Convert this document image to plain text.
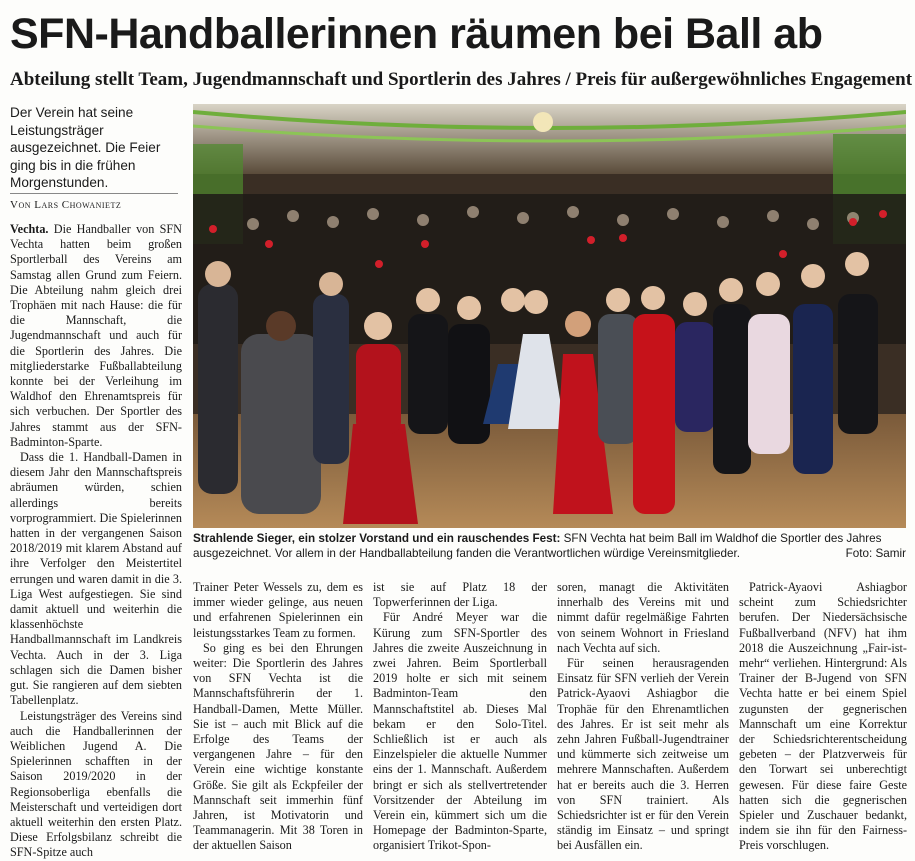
SFN-Handballerinnen räumen bei Ball ab
Abteilung stellt Team, Jugendmannschaft und Sportlerin des Jahres / Preis für außergewöhnliches Engagement

Der Verein hat seine Leistungsträger ausgezeichnet. Die Feier ging bis in die frühen Morgenstunden.

Von Lars Chowanietz

Vechta. Die Handballer von SFN Vechta hatten beim großen Sportlerball des Vereins am Samstag allen Grund zum Feiern. Die Abteilung nahm gleich drei Trophäen mit nach Hause: die für die Mannschaft, die Jugendmannschaft und auch für die Sportlerin des Jahres. Die mitgliederstarke Fußballabteilung konnte bei der Verleihung im Waldhof den Ehrenamtspreis für sich verbuchen. Der Sportler des Jahres stammt aus der SFN-Badminton-Sparte.

Dass die 1. Handball-Damen in diesem Jahr den Mannschaftspreis abräumen würden, schien allerdings bereits vorprogrammiert. Die Spielerinnen hatten in der vergangenen Saison 2018/2019 mit klarem Abstand auf ihre Verfolger den Meistertitel errungen und waren damit in die 3. Liga West aufgestiegen. Sie sind damit aktuell und weiterhin die klassenhöchste Handballmannschaft im Landkreis Vechta. Auch in der 3. Liga schlagen sich die Damen bisher gut. Sie rangieren auf dem siebten Tabellenplatz.

Leistungsträger des Vereins sind auch die Handballerinnen der Weiblichen Jugend A. Die Spielerinnen schafften in der Saison 2019/2020 in der Regionsoberliga ebenfalls die Meisterschaft und verteidigen dort aktuell weiterhin den ersten Platz. Diese Erfolgsbilanz schreibt die SFN-Spitze auch

Strahlende Sieger, ein stolzer Vorstand und ein rauschendes Fest: SFN Vechta hat beim Ball im Waldhof die Sportler des Jahres ausgezeichnet. Vor allem in der Handballabteilung fanden die Verantwortlichen würdige Vereinsmitglieder.	Foto: Samir

Trainer Peter Wessels zu, dem es immer wieder gelinge, aus neuen und erfahrenen Spielerinnen ein leistungsstarkes Team zu formen.

So ging es bei den Ehrungen weiter: Die Sportlerin des Jahres von SFN Vechta ist die Mannschaftsführerin der 1. Handball-Damen, Mette Müller. Sie ist – auch mit Blick auf die Erfolge des Teams der vergangenen Jahre – für den Verein eine wichtige konstante Größe. Sie gilt als Eckpfeiler der Mannschaft seit immerhin fünf Jahren, ist Motivatorin und Teammanagerin. Mit 38 Toren in der aktuellen Saison

ist sie auf Platz 18 der Topwerferinnen der Liga.

Für André Meyer war die Kürung zum SFN-Sportler des Jahres die zweite Auszeichnung in zwei Jahren. Beim Sportlerball 2019 holte er sich mit seinem Badminton-Team den Mannschaftstitel ab. Dieses Mal bekam er den Solo-Titel. Schließlich ist er auch als Einzelspieler die aktuelle Nummer eins der 1. Mannschaft. Außerdem bringt er sich als stellvertretender Vorsitzender der Abteilung im Verein ein, kümmert sich um die Homepage der Badminton-Sparte, organisiert Trikot-Spon-

soren, managt die Aktivitäten innerhalb des Vereins mit und nimmt dafür regelmäßige Fahrten von seinem Wohnort in Friesland nach Vechta auf sich.

Für seinen herausragenden Einsatz für SFN verlieh der Verein Patrick-Ayaovi Ashiagbor die Trophäe für den Ehrenamtlichen des Jahres. Er ist seit mehr als zehn Jahren Fußball-Jugendtrainer und kümmerte sich zeitweise um mehrere Mannschaften. Außerdem hat er bereits auch die 3. Herren von SFN trainiert. Als Schiedsrichter ist er für den Verein ständig im Einsatz – und springt bei Ausfällen ein.

Patrick-Ayaovi Ashiagbor scheint zum Schiedsrichter berufen. Der Niedersächsische Fußballverband (NFV) hat ihm 2018 die Auszeichnung „Fair-ist-mehr“ verliehen. Hintergrund: Als Trainer der B-Jugend von SFN Vechta hatte er bei einem Spiel zugunsten der gegnerischen Mannschaft um eine Korrektur der Schiedsrichterentscheidung gebeten – der Platzverweis für den Torwart sei unberechtigt gewesen. Für diese faire Geste hatten sich die gegnerischen Spieler und Zuschauer bedankt, indem sie ihn für den Fairness-Preis vorschlugen.
